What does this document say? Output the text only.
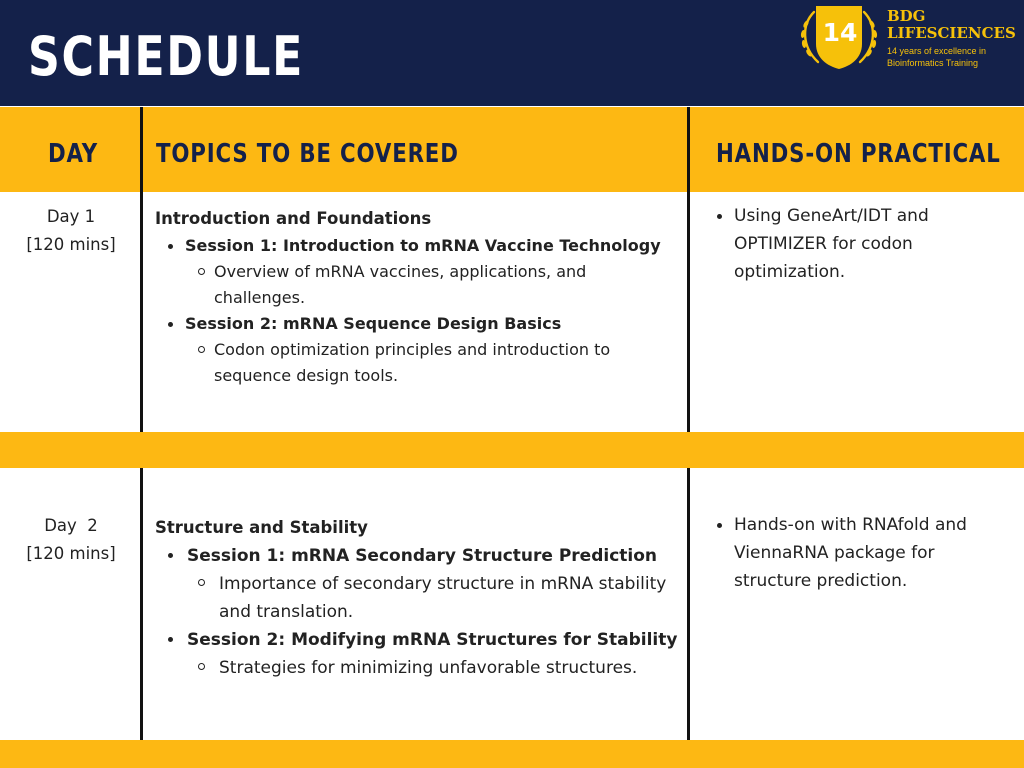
SCHEDULE	14
BDG
LIFESCIENCES
14 years of excellence in Bioinformatics Training
DAY TOPICS TO BE COVERED	HANDS-ON PRACTICAL
Day 1
[120 mins]
Introduction and Foundations
Session 1: Introduction to mRNA Vaccine Technology
Overview of mRNA vaccines, applications, and challenges.
Session 2: mRNA Sequence Design Basics
Codon optimization principles and introduction to sequence design tools.
Using GeneArt/IDT and OPTIMIZER for codon optimization.
Day  2
[120 mins]
Structure and Stability
Session 1: mRNA Secondary Structure Prediction
Importance of secondary structure in mRNA stability and translation.
Session 2: Modifying mRNA Structures for Stability
Strategies for minimizing unfavorable structures.
Hands-on with RNAfold and ViennaRNA package for structure prediction.
